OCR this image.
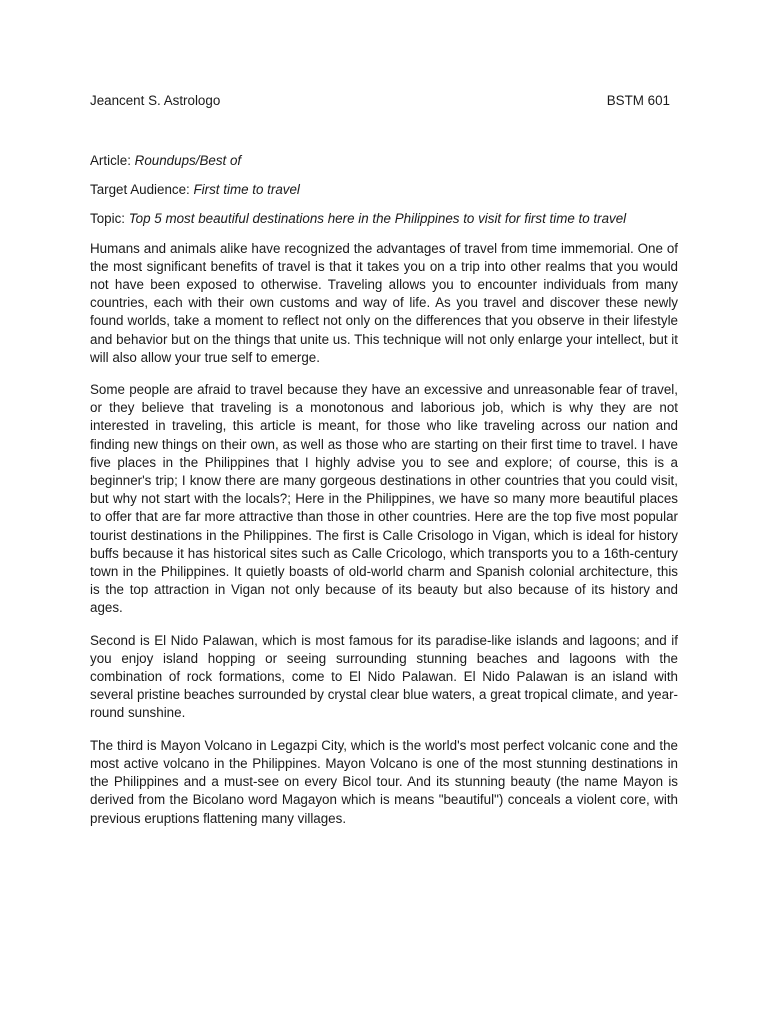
Jeancent S. Astrologo	BSTM 601

Article: Roundups/Best of

Target Audience: First time to travel

Topic: Top 5 most beautiful destinations here in the Philippines to visit for first time to travel

Humans and animals alike have recognized the advantages of travel from time immemorial. One of the most significant benefits of travel is that it takes you on a trip into other realms that you would not have been exposed to otherwise. Traveling allows you to encounter individuals from many countries, each with their own customs and way of life. As you travel and discover these newly found worlds, take a moment to reflect not only on the differences that you observe in their lifestyle and behavior but on the things that unite us. This technique will not only enlarge your intellect, but it will also allow your true self to emerge.

Some people are afraid to travel because they have an excessive and unreasonable fear of travel, or they believe that traveling is a monotonous and laborious job, which is why they are not interested in traveling, this article is meant, for those who like traveling across our nation and finding new things on their own, as well as those who are starting on their first time to travel. I have five places in the Philippines that I highly advise you to see and explore; of course, this is a beginner's trip; I know there are many gorgeous destinations in other countries that you could visit, but why not start with the locals?; Here in the Philippines, we have so many more beautiful places to offer that are far more attractive than those in other countries. Here are the top five most popular tourist destinations in the Philippines. The first is Calle Crisologo in Vigan, which is ideal for history buffs because it has historical sites such as Calle Cricologo, which transports you to a 16th-century town in the Philippines. It quietly boasts of old-world charm and Spanish colonial architecture, this is the top attraction in Vigan not only because of its beauty but also because of its history and ages.

Second is El Nido Palawan, which is most famous for its paradise-like islands and lagoons; and if you enjoy island hopping or seeing surrounding stunning beaches and lagoons with the combination of rock formations, come to El Nido Palawan. El Nido Palawan is an island with several pristine beaches surrounded by crystal clear blue waters, a great tropical climate, and year-round sunshine.

The third is Mayon Volcano in Legazpi City, which is the world's most perfect volcanic cone and the most active volcano in the Philippines. Mayon Volcano is one of the most stunning destinations in the Philippines and a must-see on every Bicol tour. And its stunning beauty (the name Mayon is derived from the Bicolano word Magayon which is means "beautiful") conceals a violent core, with previous eruptions flattening many villages.
